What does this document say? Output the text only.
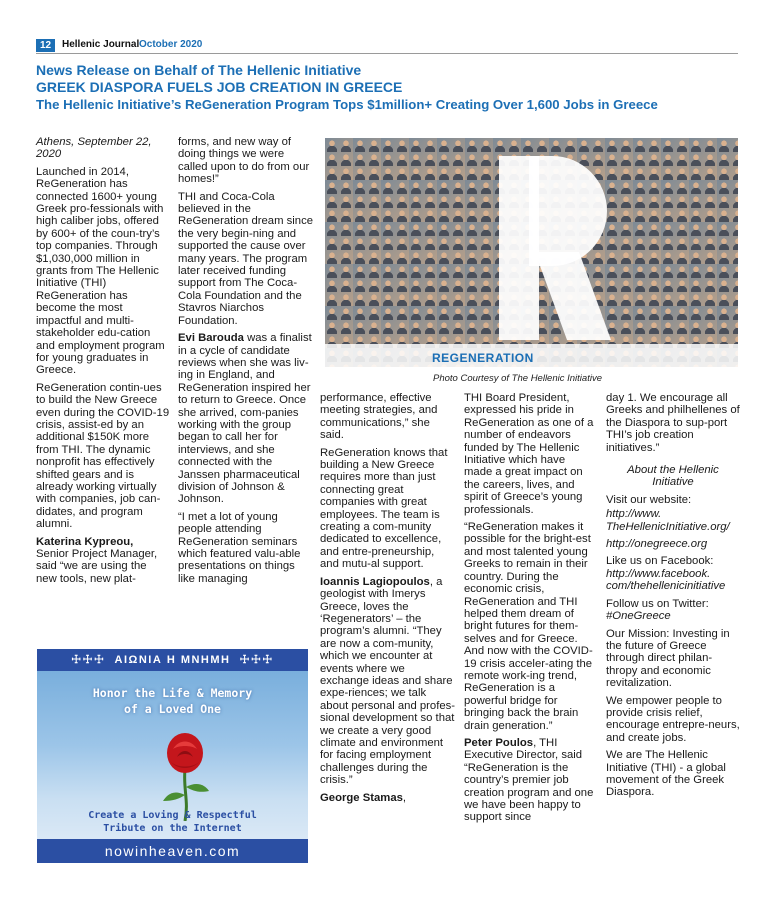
12	Hellenic Journal October 2020
News Release on Behalf of The Hellenic Initiative
GREEK DIASPORA FUELS JOB CREATION IN GREECE
The Hellenic Initiative’s ReGeneration Program Tops $1million+ Creating Over 1,600 Jobs in Greece

Athens, September 22, 2020

Launched in 2014, ReGeneration has connected 1600+ young Greek pro-fessionals with high caliber jobs, offered by 600+ of the coun-try’s top companies. Through $1,030,000 million in grants from The Hellenic Initiative (THI) ReGeneration has become the most impactful and multi-stakeholder edu-cation and employment program for young graduates in Greece.

ReGeneration contin-ues to build the New Greece even during the COVID-19 crisis, assist-ed by an additional $150K more from THI. The dynamic nonprofit has effectively shifted gears and is already working virtually with companies, job can-didates, and program alumni.

Katerina Kypreou,
Senior Project Manager, said “we are using the new tools, new plat-

forms, and new way of doing things we were called upon to do from our homes!”

THI and Coca-Cola believed in the ReGeneration dream since the very begin-ning and supported the cause over many years. The program later received funding support from The Coca-Cola Foundation and the Stavros Niarchos Foundation.

Evi Barouda was a finalist in a cycle of candidate reviews when she was liv-ing in England, and ReGeneration inspired her to return to Greece. Once she arrived, com-panies working with the group began to call her for interviews, and she connected with the Janssen pharmaceutical division of Johnson & Johnson.

“I met a lot of young people attending ReGeneration seminars which featured valu-able presentations on things like managing

REGENERATION
Photo Courtesy of The Hellenic Initiative

performance, effective meeting strategies, and communications,” she said.

ReGeneration knows that building a New Greece requires more than just connecting great companies with great employees. The team is creating a com-munity dedicated to excellence, and entre-preneurship, and mutu-al support.

Ioannis Lagiopoulos, a geologist with Imerys Greece, loves the ‘Regenerators’ – the program’s alumni. “They are now a com-munity, which we encounter at events where we exchange ideas and share expe-riences; we talk about personal and profes-sional development so that we create a very good climate and environment for facing employment challenges during the crisis.”

George Stamas,

THI Board President, expressed his pride in ReGeneration as one of a number of endeavors funded by The Hellenic Initiative which have made a great impact on the careers, lives, and spirit of Greece’s young professionals.

“ReGeneration makes it possible for the bright-est and most talented young Greeks to remain in their country. During the economic crisis, ReGeneration and THI helped them dream of bright futures for them-selves and for Greece. And now with the COVID-19 crisis acceler-ating the remote work-ing trend, ReGeneration is a powerful bridge for bringing back the brain drain generation.”

Peter Poulos, THI Executive Director, said “ReGeneration is the country’s premier job creation program and one we have been happy to support since

day 1. We encourage all Greeks and philhellenes of the Diaspora to sup-port THI’s job creation initiatives.”

About the Hellenic Initiative

Visit our website:

http://www. TheHellenicInitiative.org/

http://onegreece.org

Like us on Facebook:

http://www.facebook. com/thehellenicinitiative

Follow us on Twitter:

#OneGreece

Our Mission: Investing in the future of Greece through direct philan-thropy and economic revitalization.

We empower people to provide crisis relief, encourage entrepre-neurs, and create jobs.

We are The Hellenic Initiative (THI) - a global movement of the Greek Diaspora.

☩☩☩ ΑΙΩΝΙΑ Η ΜΝΗΜΗ ☩☩☩
Honor the Life & Memory
of a Loved One
Create a Loving & Respectful
Tribute on the Internet
nowinheaven.com
